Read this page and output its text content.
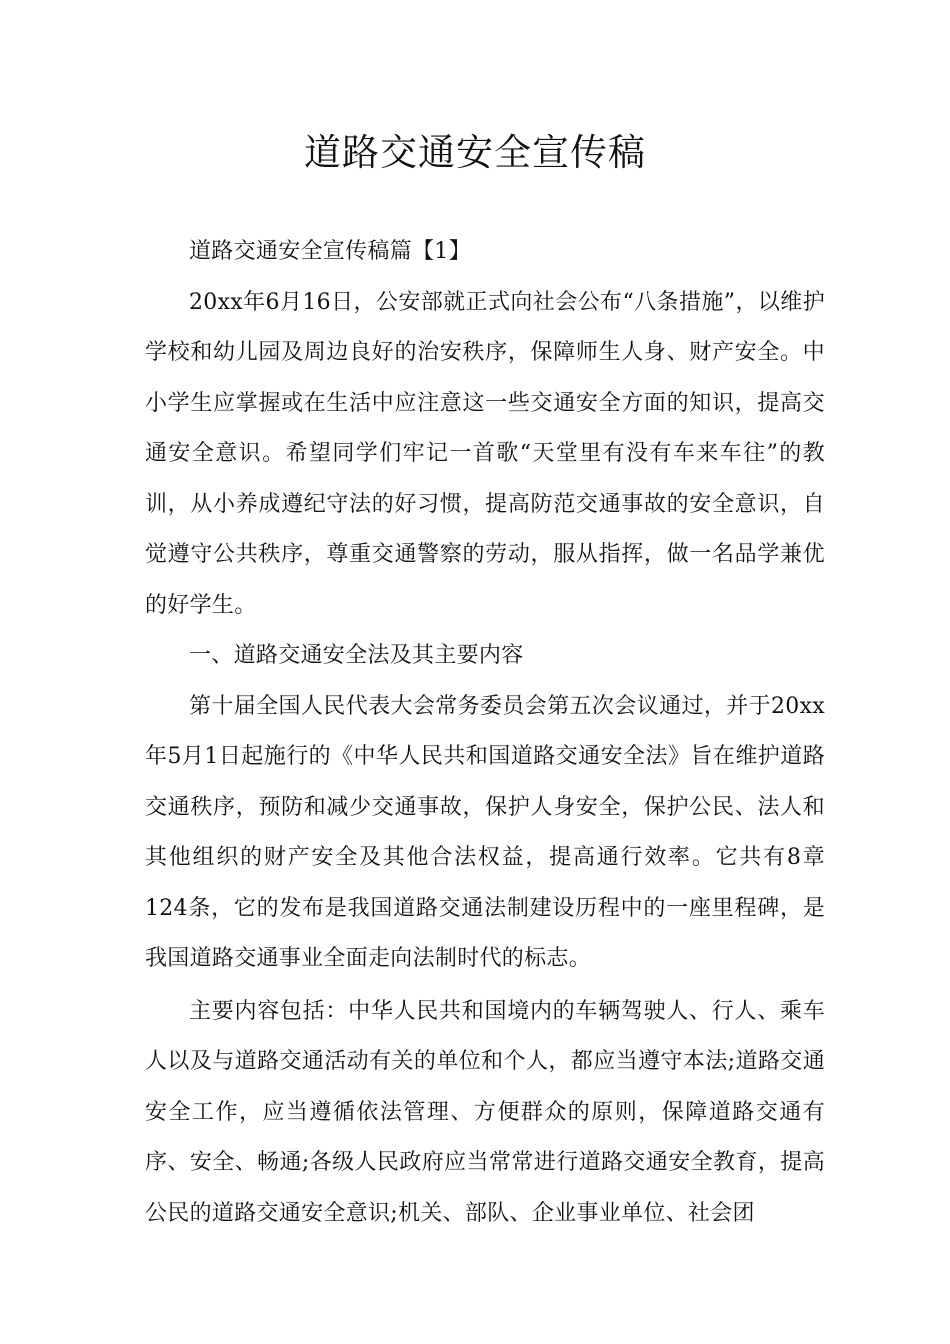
道路交通安全宣传稿

道路交通安全宣传稿篇【1】

20xx年6月16日，公安部就正式向社会公布“八条措施”，以维护学校和幼儿园及周边良好的治安秩序，保障师生人身、财产安全。中小学生应掌握或在生活中应注意这一些交通安全方面的知识，提高交通安全意识。希望同学们牢记一首歌“天堂里有没有车来车往”的教训，从小养成遵纪守法的好习惯，提高防范交通事故的安全意识，自觉遵守公共秩序，尊重交通警察的劳动，服从指挥，做一名品学兼优的好学生。

一、道路交通安全法及其主要内容

第十届全国人民代表大会常务委员会第五次会议通过，并于20xx年5月1日起施行的《中华人民共和国道路交通安全法》旨在维护道路交通秩序，预防和减少交通事故，保护人身安全，保护公民、法人和其他组织的财产安全及其他合法权益，提高通行效率。它共有8章124条，它的发布是我国道路交通法制建设历程中的一座里程碑，是我国道路交通事业全面走向法制时代的标志。

主要内容包括：中华人民共和国境内的车辆驾驶人、行人、乘车人以及与道路交通活动有关的单位和个人，都应当遵守本法;道路交通安全工作，应当遵循依法管理、方便群众的原则，保障道路交通有序、安全、畅通;各级人民政府应当常常进行道路交通安全教育，提高公民的道路交通安全意识;机关、部队、企业事业单位、社会团
